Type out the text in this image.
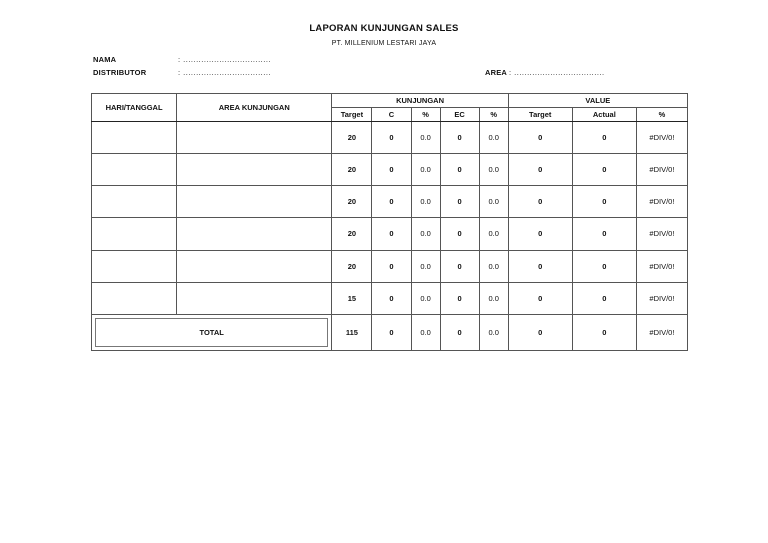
LAPORAN KUNJUNGAN SALES
PT. MILLENIUM LESTARI JAYA
NAMA	: ..................................
DISTRIBUTOR	: ..................................	AREA : ...................................
HARI/TANGGAL	AREA KUNJUNGAN	KUNJUNGAN					VALUE		
		Target	C	%	EC	%	Target	Actual	%
		20	0	0.0	0	0.0	0	0	#DIV/0!
		20	0	0.0	0	0.0	0	0	#DIV/0!
		20	0	0.0	0	0.0	0	0	#DIV/0!
		20	0	0.0	0	0.0	0	0	#DIV/0!
		20	0	0.0	0	0.0	0	0	#DIV/0!
		15	0	0.0	0	0.0	0	0	#DIV/0!

TOTAL		115	0	0.0	0	0.0	0	0	#DIV/0!
